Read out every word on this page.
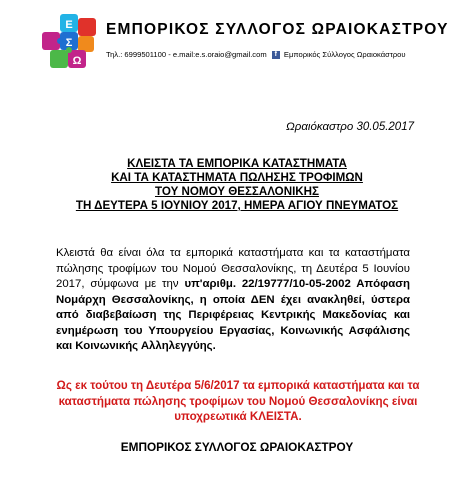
Ε
Σ
Ω
ΕΜΠΟΡΙΚΟΣ ΣΥΛΛΟΓΟΣ ΩΡΑΙΟΚΑΣΤΡΟΥ
Τηλ.: 6999501100 - e.mail:e.s.oraio@gmail.com f Εμπορικός Σύλλογος Ωραιοκάστρου
Ωραιόκαστρο 30.05.2017
ΚΛΕΙΣΤΑ ΤΑ ΕΜΠΟΡΙΚΑ ΚΑΤΑΣΤΗΜΑΤΑ
ΚΑΙ ΤΑ ΚΑΤΑΣΤΗΜΑΤΑ ΠΩΛΗΣΗΣ ΤΡΟΦΙΜΩΝ
ΤΟΥ ΝΟΜΟΥ ΘΕΣΣΑΛΟΝΙΚΗΣ
ΤΗ ΔΕΥΤΕΡΑ 5 ΙΟΥΝΙΟΥ 2017, ΗΜΕΡΑ ΑΓΙΟΥ ΠΝΕΥΜΑΤΟΣ
Κλειστά θα είναι όλα τα εμπορικά καταστήματα και τα καταστήματα πώλησης τροφίμων του Νομού Θεσσαλονίκης, τη Δευτέρα 5 Ιουνίου 2017, σύμφωνα με την υπ'αριθμ. 22/19777/10-05-2002 Απόφαση Νομάρχη Θεσσαλονίκης, η οποία ΔΕΝ έχει ανακληθεί, ύστερα από διαβεβαίωση της Περιφέρειας Κεντρικής Μακεδονίας και ενημέρωση του Υπουργείου Εργασίας, Κοινωνικής Ασφάλισης και Κοινωνικής Αλληλεγγύης.
Ως εκ τούτου τη Δευτέρα 5/6/2017 τα εμπορικά καταστήματα και τα καταστήματα πώλησης τροφίμων του Νομού Θεσσαλονίκης είναι υποχρεωτικά ΚΛΕΙΣΤΑ.
ΕΜΠΟΡΙΚΟΣ ΣΥΛΛΟΓΟΣ ΩΡΑΙΟΚΑΣΤΡΟΥ
